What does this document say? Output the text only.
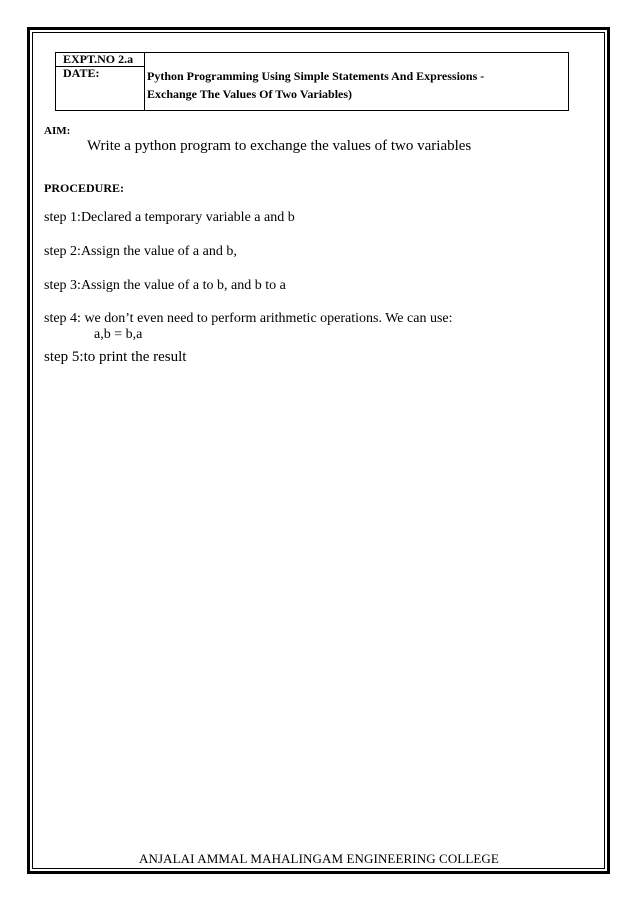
EXPT.NO 2.a
DATE:	Python Programming Using Simple Statements And Expressions -
Exchange The Values Of Two Variables)
AIM:
Write a python program to exchange the values of two variables
PROCEDURE:
step 1:Declared a temporary variable a and b
step 2:Assign the value of a and b,
step 3:Assign the value of a to b, and b to a
step 4: we don’t even need to perform arithmetic operations. We can use:
a,b = b,a
step 5:to print the result
ANJALAI AMMAL MAHALINGAM ENGINEERING COLLEGE
